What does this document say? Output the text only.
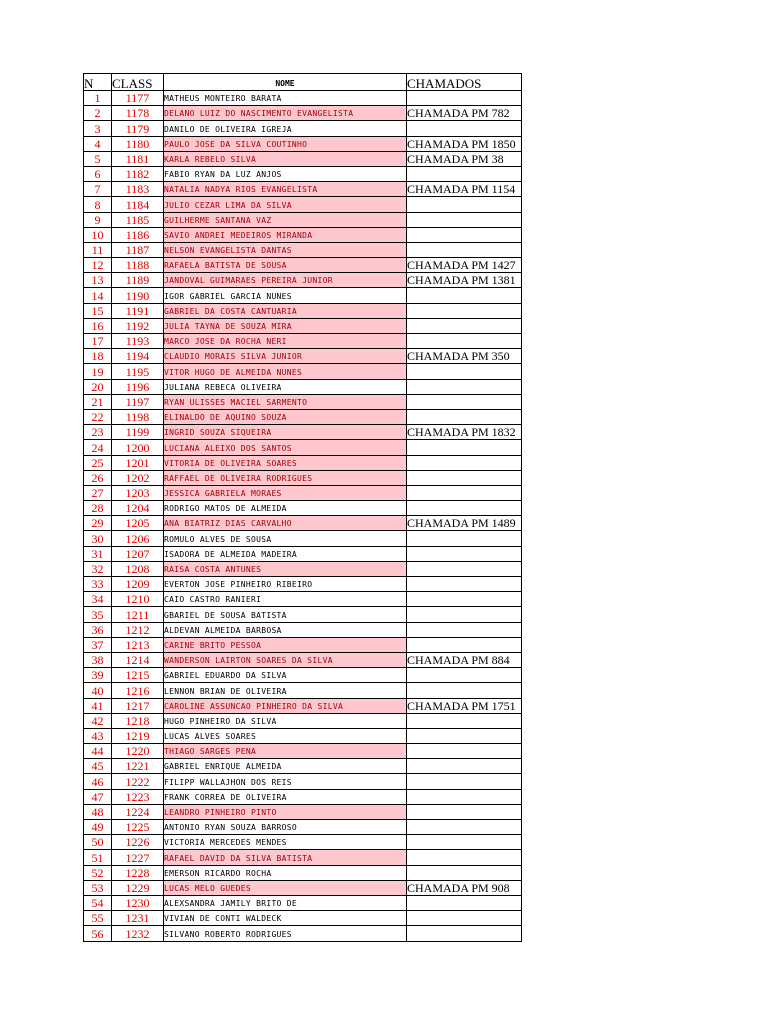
N	CLASS	NOME	CHAMADOS
1	1177	MATHEUS MONTEIRO BARATA	
2	1178	DELANO LUIZ DO NASCIMENTO EVANGELISTA	CHAMADA PM 782
3	1179	DANILO DE OLIVEIRA IGREJA	
4	1180	PAULO JOSE DA SILVA COUTINHO	CHAMADA PM 1850
5	1181	KARLA REBELO SILVA	CHAMADA PM 38
6	1182	FABIO RYAN DA LUZ ANJOS	
7	1183	NATALIA NADYA RIOS EVANGELISTA	CHAMADA PM 1154
8	1184	JULIO CEZAR LIMA DA SILVA	
9	1185	GUILHERME SANTANA VAZ	
10	1186	SAVIO ANDREI MEDEIROS MIRANDA	
11	1187	NELSON EVANGELISTA DANTAS	
12	1188	RAFAELA BATISTA DE SOUSA	CHAMADA PM 1427
13	1189	JANDOVAL GUIMARAES PEREIRA JUNIOR	CHAMADA PM 1381
14	1190	IGOR GABRIEL GARCIA NUNES	
15	1191	GABRIEL DA COSTA CANTUARIA	
16	1192	JULIA TAYNA DE SOUZA MIRA	
17	1193	MARCO JOSE DA ROCHA NERI	
18	1194	CLAUDIO MORAIS SILVA JUNIOR	CHAMADA PM 350
19	1195	VITOR HUGO DE ALMEIDA NUNES	
20	1196	JULIANA REBECA OLIVEIRA	
21	1197	RYAN ULISSES MACIEL SARMENTO	
22	1198	ELINALDO DE AQUINO SOUZA	
23	1199	INGRID SOUZA SIQUEIRA	CHAMADA PM 1832
24	1200	LUCIANA ALEIXO DOS SANTOS	
25	1201	VITORIA DE OLIVEIRA SOARES	
26	1202	RAFFAEL DE OLIVEIRA RODRIGUES	
27	1203	JESSICA GABRIELA MORAES	
28	1204	RODRIGO MATOS DE ALMEIDA	
29	1205	ANA BIATRIZ DIAS CARVALHO	CHAMADA PM 1489
30	1206	ROMULO ALVES DE SOUSA	
31	1207	ISADORA DE ALMEIDA MADEIRA	
32	1208	RAISA COSTA ANTUNES	
33	1209	EVERTON JOSE PINHEIRO RIBEIRO	
34	1210	CAIO CASTRO RANIERI	
35	1211	GBARIEL DE SOUSA BATISTA	
36	1212	ALDEVAN ALMEIDA BARBOSA	
37	1213	CARINE BRITO PESSOA	
38	1214	WANDERSON LAIRTON SOARES DA SILVA	CHAMADA PM 884
39	1215	GABRIEL EDUARDO DA SILVA	
40	1216	LENNON BRIAN DE OLIVEIRA	
41	1217	CAROLINE ASSUNCAO PINHEIRO DA SILVA	CHAMADA PM 1751
42	1218	HUGO PINHEIRO DA SILVA	
43	1219	LUCAS ALVES SOARES	
44	1220	THIAGO SARGES PENA	
45	1221	GABRIEL ENRIQUE ALMEIDA	
46	1222	FILIPP WALLAJHON DOS REIS	
47	1223	FRANK CORREA DE OLIVEIRA	
48	1224	LEANDRO PINHEIRO PINTO	
49	1225	ANTONIO RYAN SOUZA BARROSO	
50	1226	VICTORIA MERCEDES MENDES	
51	1227	RAFAEL DAVID DA SILVA BATISTA	
52	1228	EMERSON RICARDO ROCHA	
53	1229	LUCAS MELO GUEDES	CHAMADA PM 908
54	1230	ALEXSANDRA JAMILY BRITO DE	
55	1231	VIVIAN DE CONTI WALDECK	
56	1232	SILVANO ROBERTO RODRIGUES	
